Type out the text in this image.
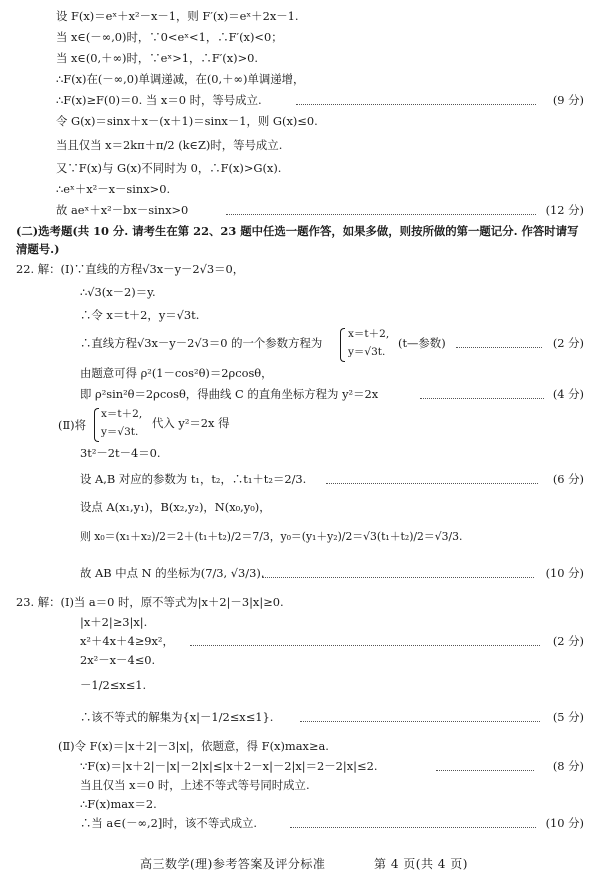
设 F(x)＝eˣ＋x²－x－1，则 F′(x)＝eˣ＋2x－1.
当 x∈(－∞,0)时，∵0<eˣ<1，∴F′(x)<0；
当 x∈(0,＋∞)时，∵eˣ>1，∴F′(x)>0.
∴F(x)在(－∞,0)单调递减，在(0,＋∞)单调递增，
∴F(x)≥F(0)＝0. 当 x＝0 时，等号成立.	(9 分)
令 G(x)＝sinx＋x－(x＋1)＝sinx－1，则 G(x)≤0.
当且仅当 x＝2kπ＋π/2 (k∈Z)时，等号成立.
又∵F(x)与 G(x)不同时为 0，∴F(x)>G(x).
∴eˣ＋x²－x－sinx>0.
故 aeˣ＋x²－bx－sinx>0	(12 分)
(二)选考题(共 10 分. 请考生在第 22、23 题中任选一题作答，如果多做，则按所做的第一题记分. 作答时请写清题号.)
22. 解：(Ⅰ)∵直线的方程√3x－y－2√3＝0，
∴√3(x－2)＝y.
∴令 x＝t＋2，y＝√3t.
∴直线方程√3x－y－2√3＝0 的一个参数方程为
x＝t＋2,
y＝√3t.
(t—参数)	(2 分)
由题意可得 ρ²(1－cos²θ)＝2ρcosθ，
即 ρ²sin²θ＝2ρcosθ，得曲线 C 的直角坐标方程为 y²＝2x	(4 分)
(Ⅱ)将
x＝t＋2,
y＝√3t.
代入 y²＝2x 得
3t²－2t－4＝0.
设 A,B 对应的参数为 t₁，t₂，∴t₁＋t₂＝2/3.	(6 分)
设点 A(x₁,y₁)，B(x₂,y₂)，N(x₀,y₀)，
则 x₀＝(x₁＋x₂)/2＝2＋(t₁＋t₂)/2＝7/3，y₀＝(y₁＋y₂)/2＝√3(t₁＋t₂)/2＝√3/3.
故 AB 中点 N 的坐标为(7/3, √3/3).	(10 分)
23. 解：(Ⅰ)当 a＝0 时，原不等式为|x＋2|－3|x|≥0.
|x＋2|≥3|x|.
x²＋4x＋4≥9x²，	(2 分)
2x²－x－4≤0.
－1/2≤x≤1.
∴该不等式的解集为{x|－1/2≤x≤1}.	(5 分)
(Ⅱ)令 F(x)＝|x＋2|－3|x|，依题意，得 F(x)max≥a.
∵F(x)＝|x＋2|－|x|－2|x|≤|x＋2－x|－2|x|＝2－2|x|≤2.	(8 分)
当且仅当 x＝0 时，上述不等式等号同时成立.
∴F(x)max＝2.
∴当 a∈(－∞,2]时，该不等式成立.	(10 分)
高三数学(理)参考答案及评分标准	第 4 页(共 4 页)
